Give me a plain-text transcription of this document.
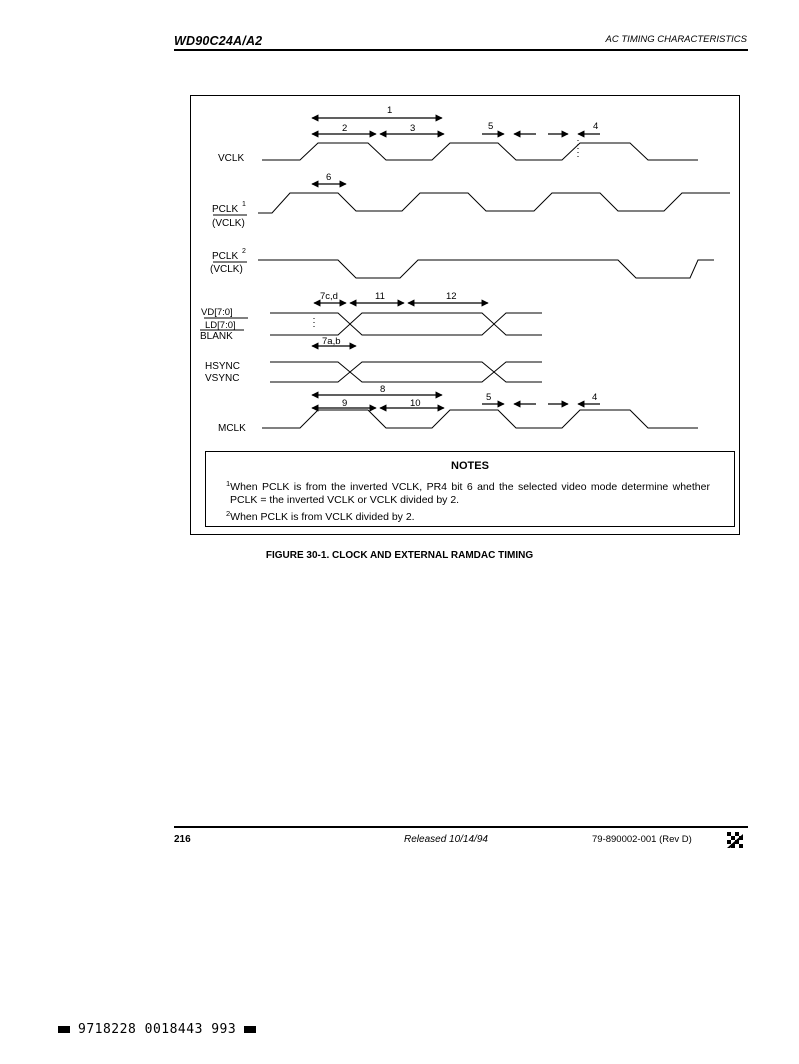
WD90C24A/A2	AC TIMING CHARACTERISTICS
VCLK
PCLK 1
(VCLK)
PCLK 2
(VCLK)
VD[7:0]
LD[7:0]
BLANK
HSYNC
VSYNC
MCLK
1
2	3	5	4
6
7c,d	11	12
7a,b
8
9	10
5	4
NOTES
$^1$When PCLK is from the inverted VCLK, PR4 bit 6 and the selected video mode determine whether PCLK = the inverted VCLK or VCLK divided by 2.
$^2$When PCLK is from VCLK divided by 2.
FIGURE 30-1. CLOCK AND EXTERNAL RAMDAC TIMING
216	Released 10/14/94	79-890002-001 (Rev D)
9718228 0018443 993
